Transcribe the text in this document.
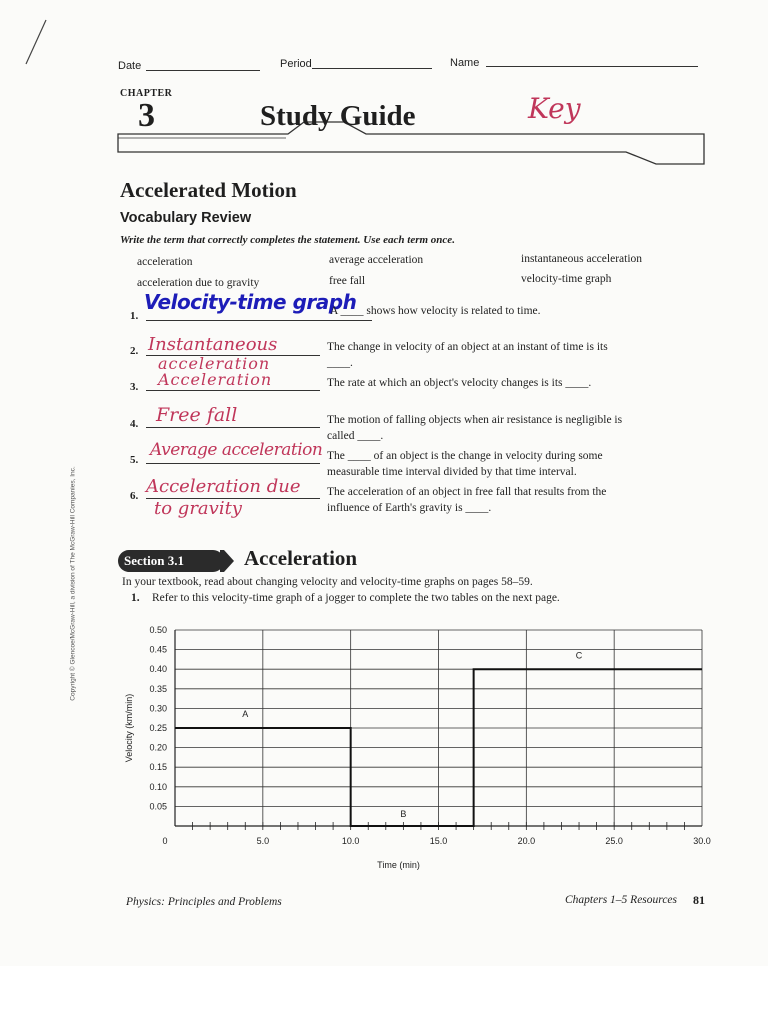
Date	Period	Name
CHAPTER
3	Study Guide	Key
Accelerated Motion
Vocabulary Review
Write the term that correctly completes the statement. Use each term once.
acceleration	average acceleration	instantaneous acceleration
acceleration due to gravity	free fall	velocity-time graph
1.
Velocity-time graph
A ____ shows how velocity is related to time.
2. Instantaneous
acceleration
The change in velocity of an object at an instant of time is its
____.
3. Acceleration	The rate at which an object's velocity changes is its ____.
4. Free fall	The motion of falling objects when air resistance is negligible is
called ____.
5. Average acceleration The ____ of an object is the change in velocity during some
measurable time interval divided by that time interval.
6. Acceleration due
to gravity
The acceleration of an object in free fall that results from the
influence of Earth's gravity is ____.
Copyright © Glencoe/McGraw-Hill, a division of The McGraw-Hill Companies, Inc.	Section 3.1	Acceleration
In your textbook, read about changing velocity and velocity-time graphs on pages 58–59.
1. Refer to this velocity-time graph of a jogger to complete the two tables on the next page.
0.05
0.10
0.15
0.20
0.25
0.30
0.35
0.40
0.45
0.50
0	5.0	10.0	15.0	20.0	25.0	30.0
Time (min)
Velocity (km/min)	A
B
C
Physics: Principles and Problems	Chapters 1–5 Resources 81
